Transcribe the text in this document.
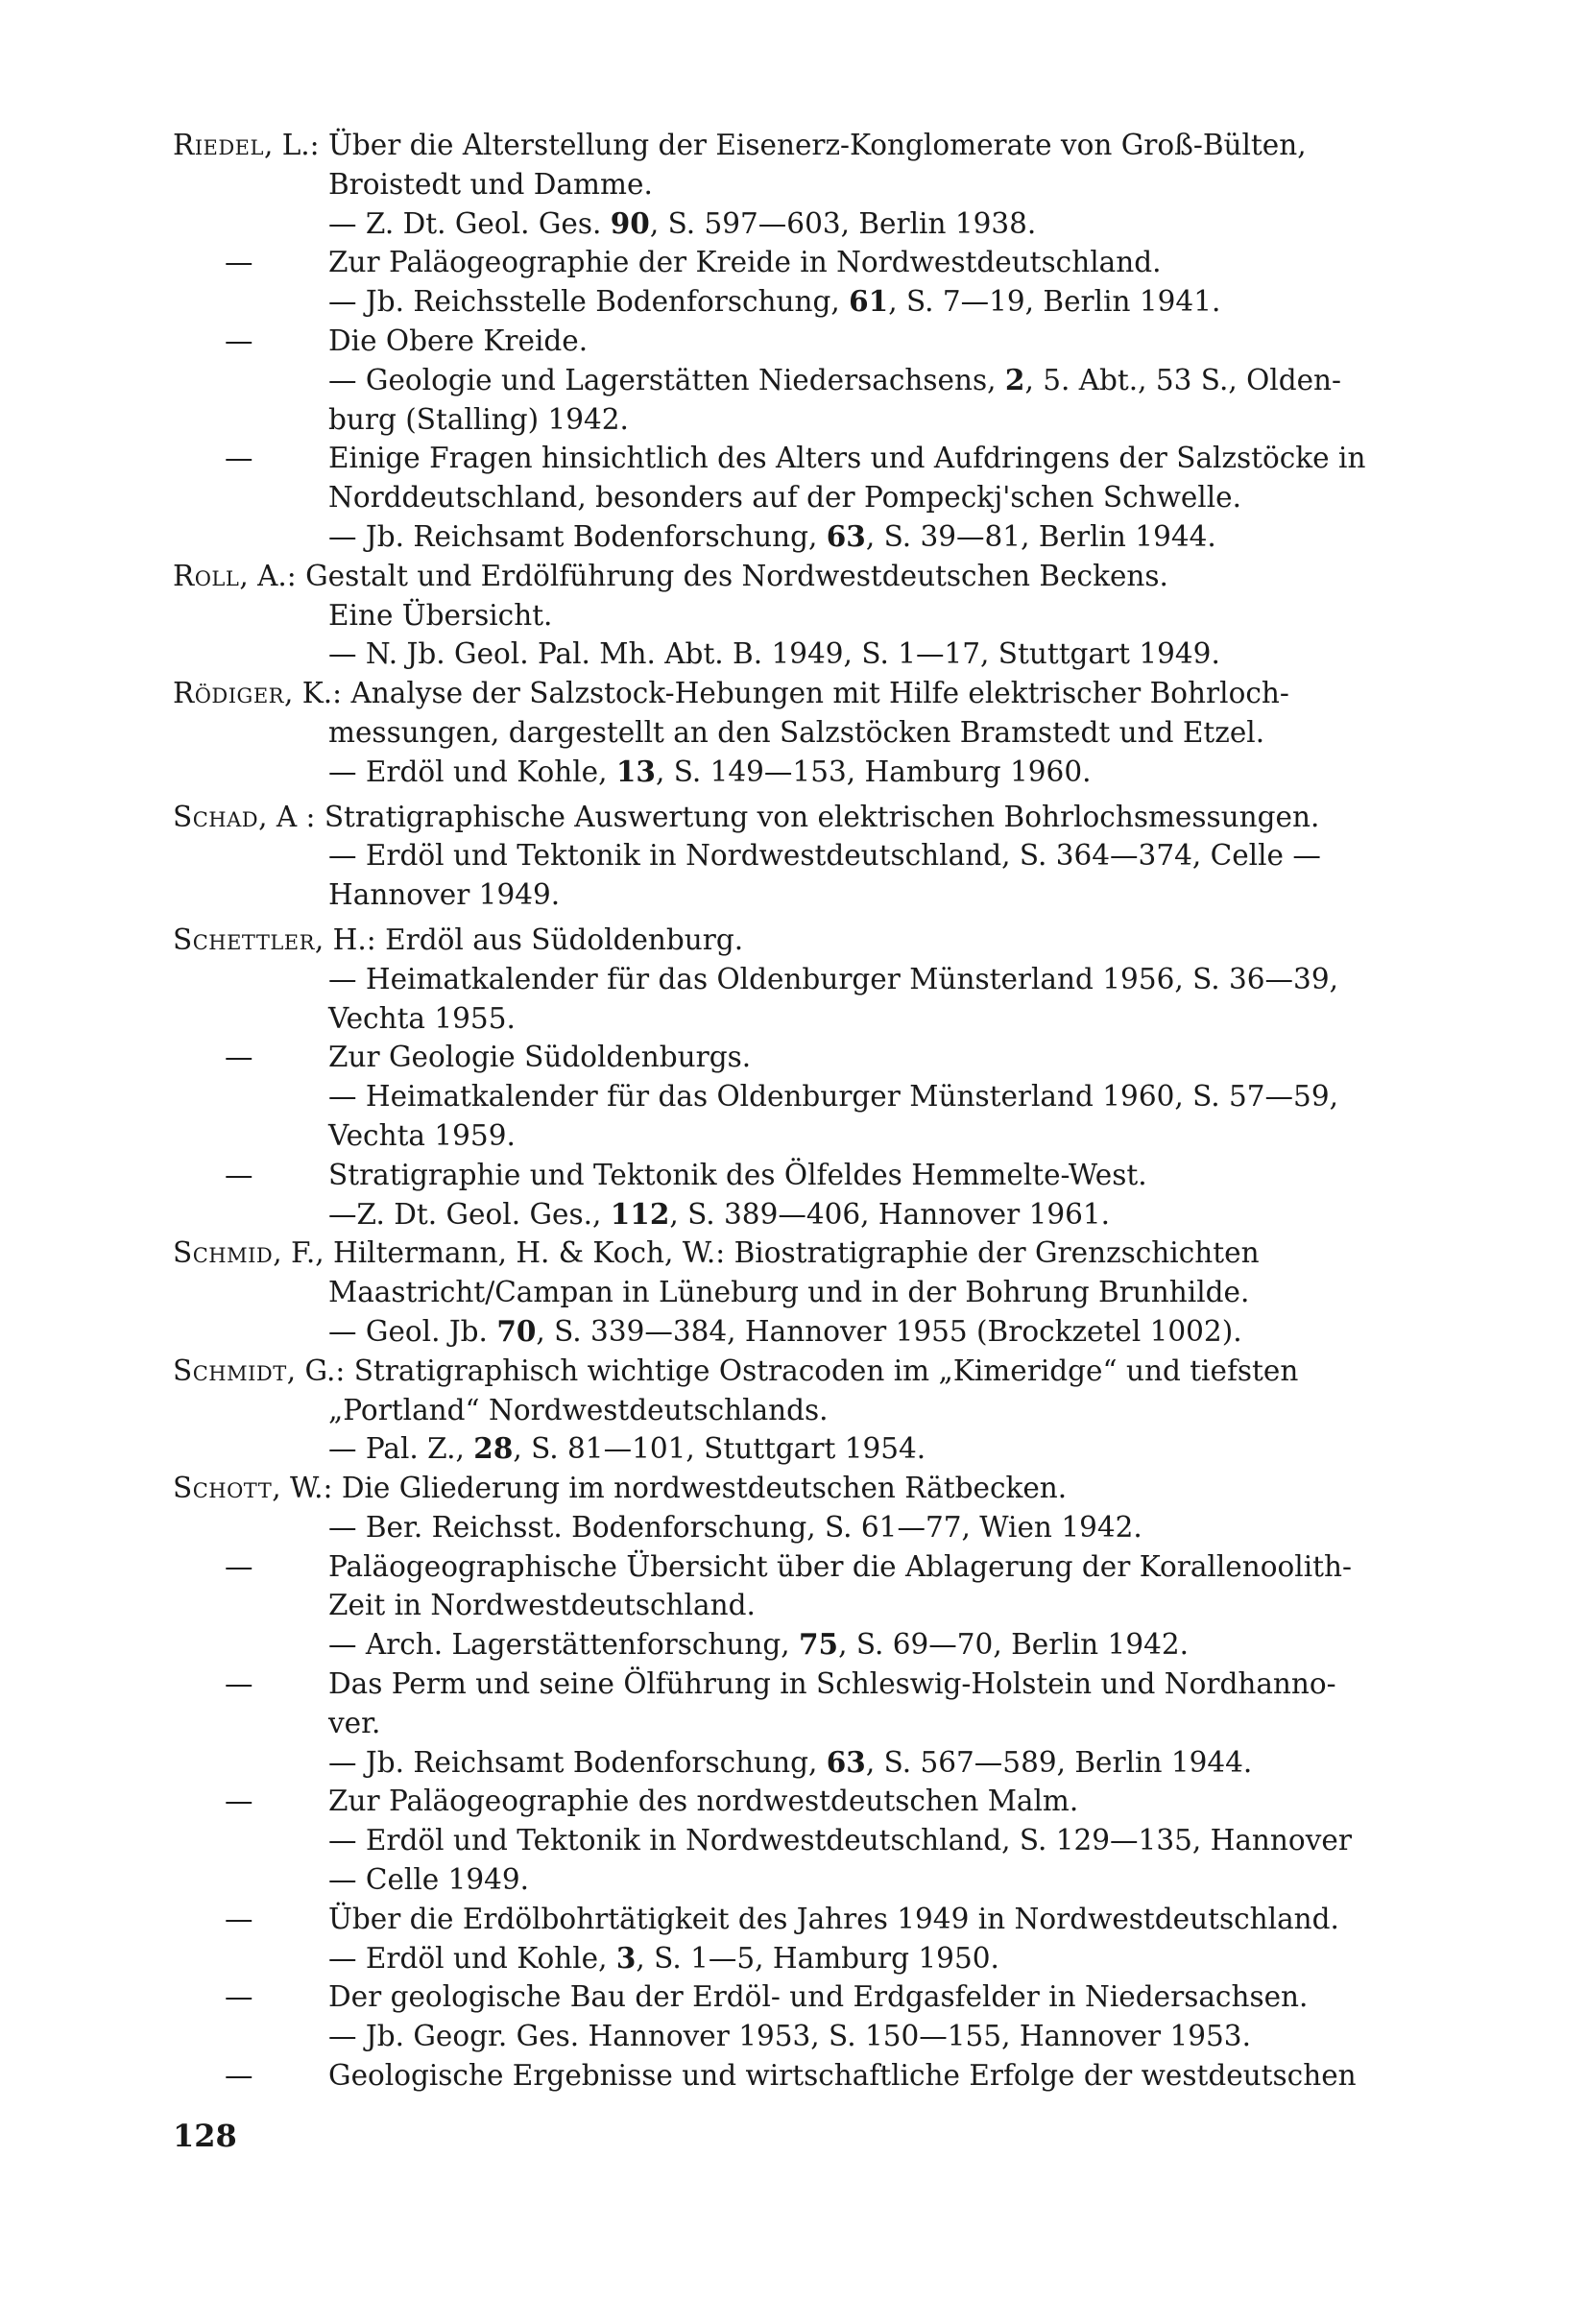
Riedel, L.: Über die Alterstellung der Eisenerz-Konglomerate von Groß-Bülten,
Broistedt und Damme.
— Z. Dt. Geol. Ges. 90, S. 597—603, Berlin 1938.
—	Zur Paläogeographie der Kreide in Nordwestdeutschland.
— Jb. Reichsstelle Bodenforschung, 61, S. 7—19, Berlin 1941.
—	Die Obere Kreide.
— Geologie und Lagerstätten Niedersachsens, 2, 5. Abt., 53 S., Olden-
burg (Stalling) 1942.
—	Einige Fragen hinsichtlich des Alters und Aufdringens der Salzstöcke in
Norddeutschland, besonders auf der Pompeckj'schen Schwelle.
— Jb. Reichsamt Bodenforschung, 63, S. 39—81, Berlin 1944.
Roll, A.: Gestalt und Erdölführung des Nordwestdeutschen Beckens.
Eine Übersicht.
— N. Jb. Geol. Pal. Mh. Abt. B. 1949, S. 1—17, Stuttgart 1949.
Rödiger, K.: Analyse der Salzstock-Hebungen mit Hilfe elektrischer Bohrloch-
messungen, dargestellt an den Salzstöcken Bramstedt und Etzel.
— Erdöl und Kohle, 13, S. 149—153, Hamburg 1960.
Schad, A : Stratigraphische Auswertung von elektrischen Bohrlochsmessungen.
— Erdöl und Tektonik in Nordwestdeutschland, S. 364—374, Celle —
Hannover 1949.
Schettler, H.: Erdöl aus Südoldenburg.
— Heimatkalender für das Oldenburger Münsterland 1956, S. 36—39,
Vechta 1955.
—	Zur Geologie Südoldenburgs.
— Heimatkalender für das Oldenburger Münsterland 1960, S. 57—59,
Vechta 1959.
—	Stratigraphie und Tektonik des Ölfeldes Hemmelte-West.
—Z. Dt. Geol. Ges., 112, S. 389—406, Hannover 1961.
Schmid, F., Hiltermann, H. & Koch, W.: Biostratigraphie der Grenzschichten
Maastricht/Campan in Lüneburg und in der Bohrung Brunhilde.
— Geol. Jb. 70, S. 339—384, Hannover 1955 (Brockzetel 1002).
Schmidt, G.: Stratigraphisch wichtige Ostracoden im „Kimeridge“ und tiefsten
„Portland“ Nordwestdeutschlands.
— Pal. Z., 28, S. 81—101, Stuttgart 1954.
Schott, W.: Die Gliederung im nordwestdeutschen Rätbecken.
— Ber. Reichsst. Bodenforschung, S. 61—77, Wien 1942.
—	Paläogeographische Übersicht über die Ablagerung der Korallenoolith-
Zeit in Nordwestdeutschland.
— Arch. Lagerstättenforschung, 75, S. 69—70, Berlin 1942.
—	Das Perm und seine Ölführung in Schleswig-Holstein und Nordhanno-
ver.
— Jb. Reichsamt Bodenforschung, 63, S. 567—589, Berlin 1944.
—	Zur Paläogeographie des nordwestdeutschen Malm.
— Erdöl und Tektonik in Nordwestdeutschland, S. 129—135, Hannover
— Celle 1949.
—	Über die Erdölbohrtätigkeit des Jahres 1949 in Nordwestdeutschland.
— Erdöl und Kohle, 3, S. 1—5, Hamburg 1950.
—	Der geologische Bau der Erdöl- und Erdgasfelder in Niedersachsen.
— Jb. Geogr. Ges. Hannover 1953, S. 150—155, Hannover 1953.
—	Geologische Ergebnisse und wirtschaftliche Erfolge der westdeutschen
128
